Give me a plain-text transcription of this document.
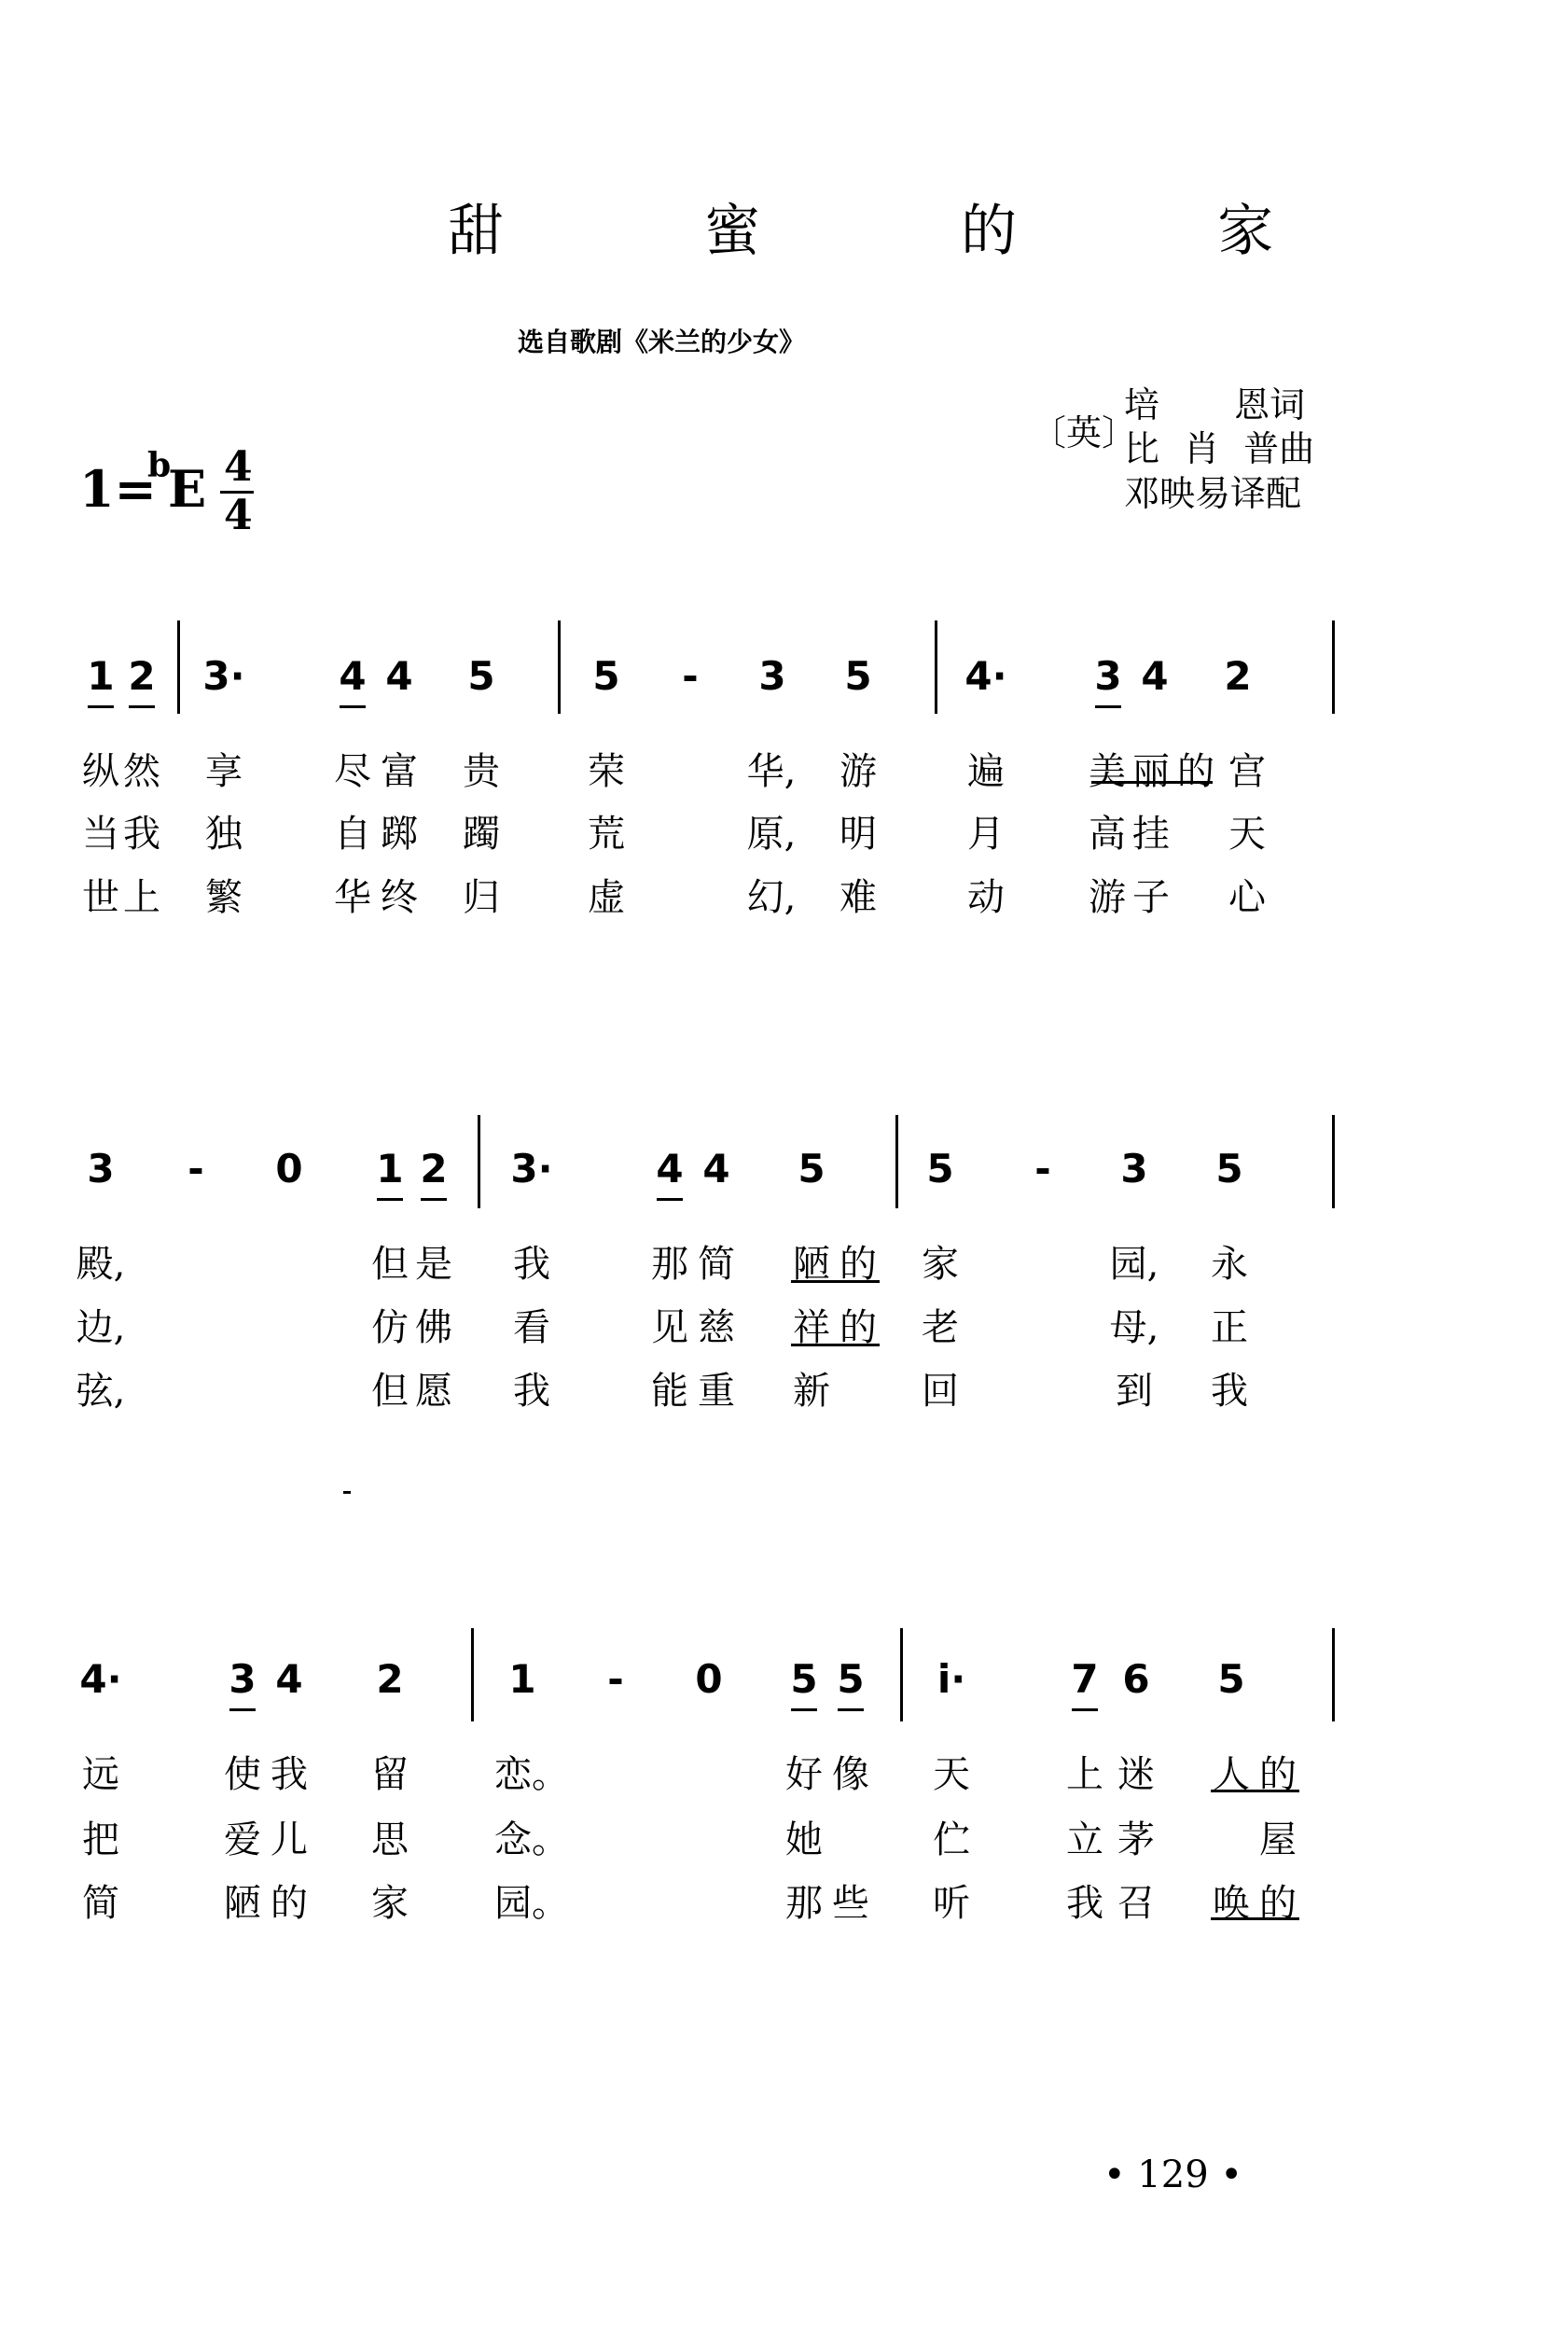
甜 蜜 的 家
选自歌剧《米兰的少女》
〔英〕
培 恩词
比 肖 普曲
邓映易译配
1=
b
E 4
4
1 2	3·	4 4	5	5	-	3	5	4·	3 4	2
纵 然 享 尽 富 贵 荣	华, 游 遍 美 丽 的 宫
当 我 独 自 踯 躅 荒	原, 明 月 高 挂 天
世 上 繁 华 终 归 虚	幻, 难 动 游 子 心
3	-	0	1 2	3·	4 4	5	5	-	3	5
殿,	但 是 我	那 简 陋 的 家	园, 永
边,	仿 佛 看	见 慈 祥 的 老	母, 正
弦,	但 愿 我	能 重 新 回	到 我
4·	3 4	2	1	-	0	5 5	i·	7 6	5
远	使 我 留 恋。	好 像 天	上 迷 人 的
把	爱 儿 思 念。	她	伫	立 茅	屋
简	陋 的 家 园。	那 些 听	我 召 唤 的
• 129 •
